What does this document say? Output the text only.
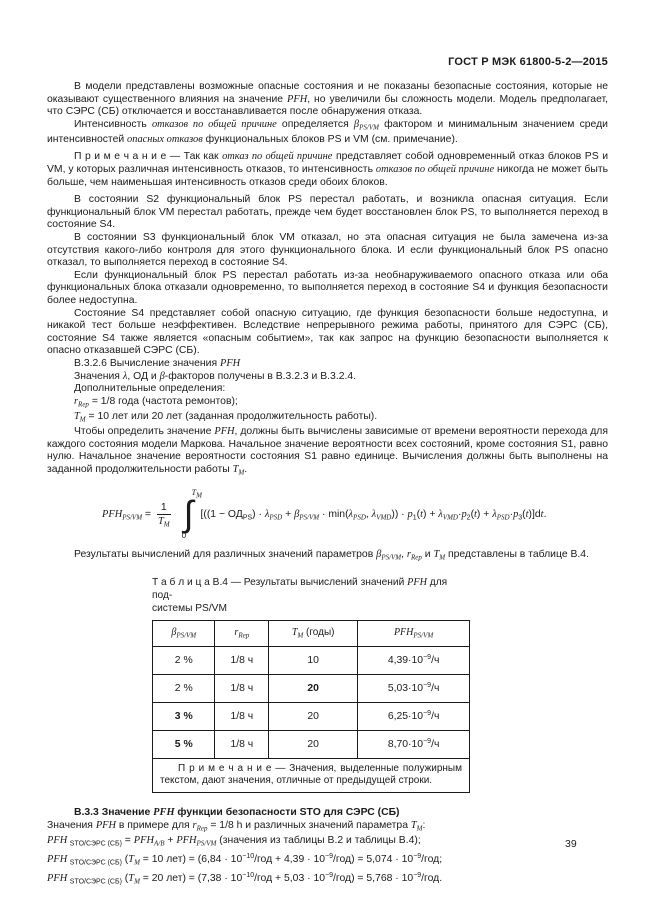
ГОСТ Р МЭК 61800-5-2—2015

В модели представлены возможные опасные состояния и не показаны безопасные состояния, которые не оказывают существенного влияния на значение PFH, но увеличили бы сложность модели. Модель предполагает, что СЭРС (СБ) отключается и восстанавливается после обнаружения отказа.

Интенсивность отказов по общей причине определяется $\beta_{PS/VM}$ фактором и минимальным значением среди интенсивностей опасных отказов функциональных блоков PS и VM (см. примечание).

П р и м е ч а н и е — Так как отказ по общей причине представляет собой одновременный отказ блоков PS и VM, у которых различная интенсивность отказов, то интенсивность отказов по общей причине никогда не может быть больше, чем наименьшая интенсивность отказов среди обоих блоков.

В состоянии S2 функциональный блок PS перестал работать, и возникла опасная ситуация. Если функциональный блок VM перестал работать, прежде чем будет восстановлен блок PS, то выполняется переход в состояние S4.

В состоянии S3 функциональный блок VM отказал, но эта опасная ситуация не была замечена из-за отсутствия какого-либо контроля для этого функционального блока. И если функциональный блок PS опасно отказал, то выполняется переход в состояние S4.

Если функциональный блок PS перестал работать из-за необнаруживаемого опасного отказа или оба функциональных блока отказали одновременно, то выполняется переход в состояние S4 и функция безопасности более недоступна.

Состояние S4 представляет собой опасную ситуацию, где функция безопасности больше недоступна, и никакой тест больше неэффективен. Вследствие непрерывного режима работы, принятого для СЭРС (СБ), состояние S4 также является «опасным событием», так как запрос на функцию безопасности выполняется к опасно отказавшей СЭРС (СБ).

В.3.2.6 Вычисление значения PFH

Значения λ, ОД и β-факторов получены в В.3.2.3 и В.3.2.4.

Дополнительные определения:

$r_{Rep} = 1/8$ года (частота ремонтов);

$T_M = 10$ лет или 20 лет (заданная продолжительность работы).

Чтобы определить значение PFH, должны быть вычислены зависимые от времени вероятности перехода для каждого состояния модели Маркова. Начальное значение вероятности всех состояний, кроме состояния S1, равно нулю. Начальное значение вероятности состояния S1 равно единице. Вычисления должны быть выполнены на заданной продолжительности работы $T_M$.

$PFH_{PS/VM} = \frac{1}{T_M}$
TM
∫
0
[($(1 - ОД_{PS}) \cdot \lambda_{PSD} + \beta_{PS/VM} \cdot \min(\lambda_{PSD}$, $\lambda_{VMD})) \cdot p_1(t) + \lambda_{VMD}\cdot p_2(t) + \lambda_{PSD}\cdot p_3(t)]dt$.

Результаты вычислений для различных значений параметров $\beta_{PS/VM}$, $r_{Rep}$ и $T_M$ представлены в таблице В.4.

Т а б л и ц а В.4 — Результаты вычислений значений PFH для под-
системы PS/VM
$\beta_{PS/VM}$	$r_{Rep}$	$T_M$ (годы)	$PFH_{PS/VM}$
2 %	1/8 ч	10	$4,39\cdot 10^{-9}/ч$
2 %	1/8 ч	20	$5,03\cdot 10^{-9}/ч$
3 %	1/8 ч	20	$6,25\cdot 10^{-9}/ч$
5 %	1/8 ч	20	$8,70\cdot 10^{-9}/ч$
П р и м е ч а н и е — Значения, выделенные полужирным текстом, дают значения, отличные от предыдущей строки.			

В.3.3 Значение PFH функции безопасности STO для СЭРС (СБ)

Значения PFH в примере для $r_{Rep} = 1/8$ h и различных значений параметра $T_M$:

PFH $_{STO/СЭРС (СБ)} = PFH_{A/B} + PFH_{PS/VM}$ (значения из таблицы В.2 и таблицы В.4);

PFH $_{STO/СЭРС (СБ)}$ ($T_M = 10$ $лет) = (6,84 \cdot 10^{-10}$/год + $4,39 \cdot 10^{-9}/год) = 5,074 \cdot 10^{-9}/год$;

PFH $_{STO/СЭРС (СБ)}$ ($T_M = 20$ $лет) = (7,38 \cdot 10^{-10}$/год + $5,03 \cdot 10^{-9}/год) = 5,768 \cdot 10^{-9}/год$.

39
